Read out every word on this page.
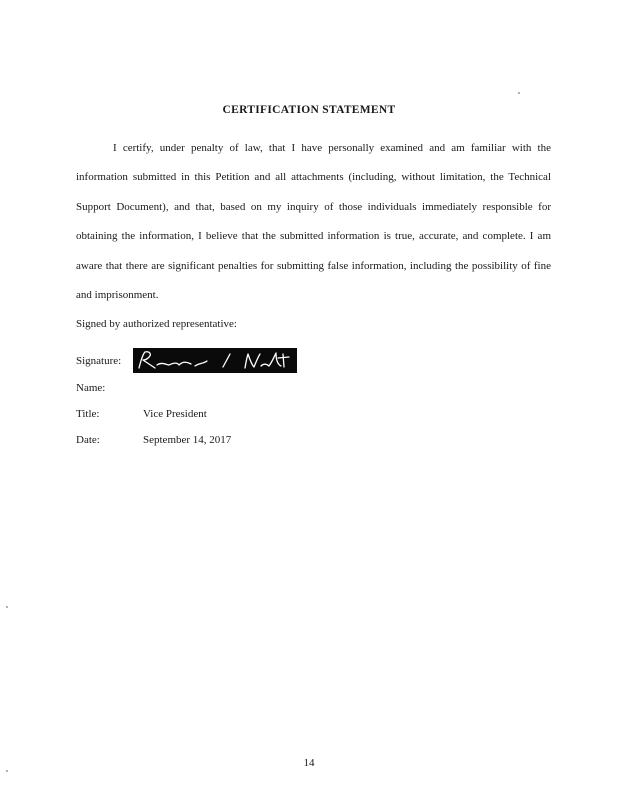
CERTIFICATION STATEMENT

I certify, under penalty of law, that I have personally examined and am familiar with the information submitted in this Petition and all attachments (including, without limitation, the Technical Support Document), and that, based on my inquiry of those individuals immediately responsible for obtaining the information, I believe that the submitted information is true, accurate, and complete. I am aware that there are significant penalties for submitting false information, including the possibility of fine and imprisonment.

Signed by authorized representative:
Signature:
Name:
Title:	Vice President
Date:	September 14, 2017
14
